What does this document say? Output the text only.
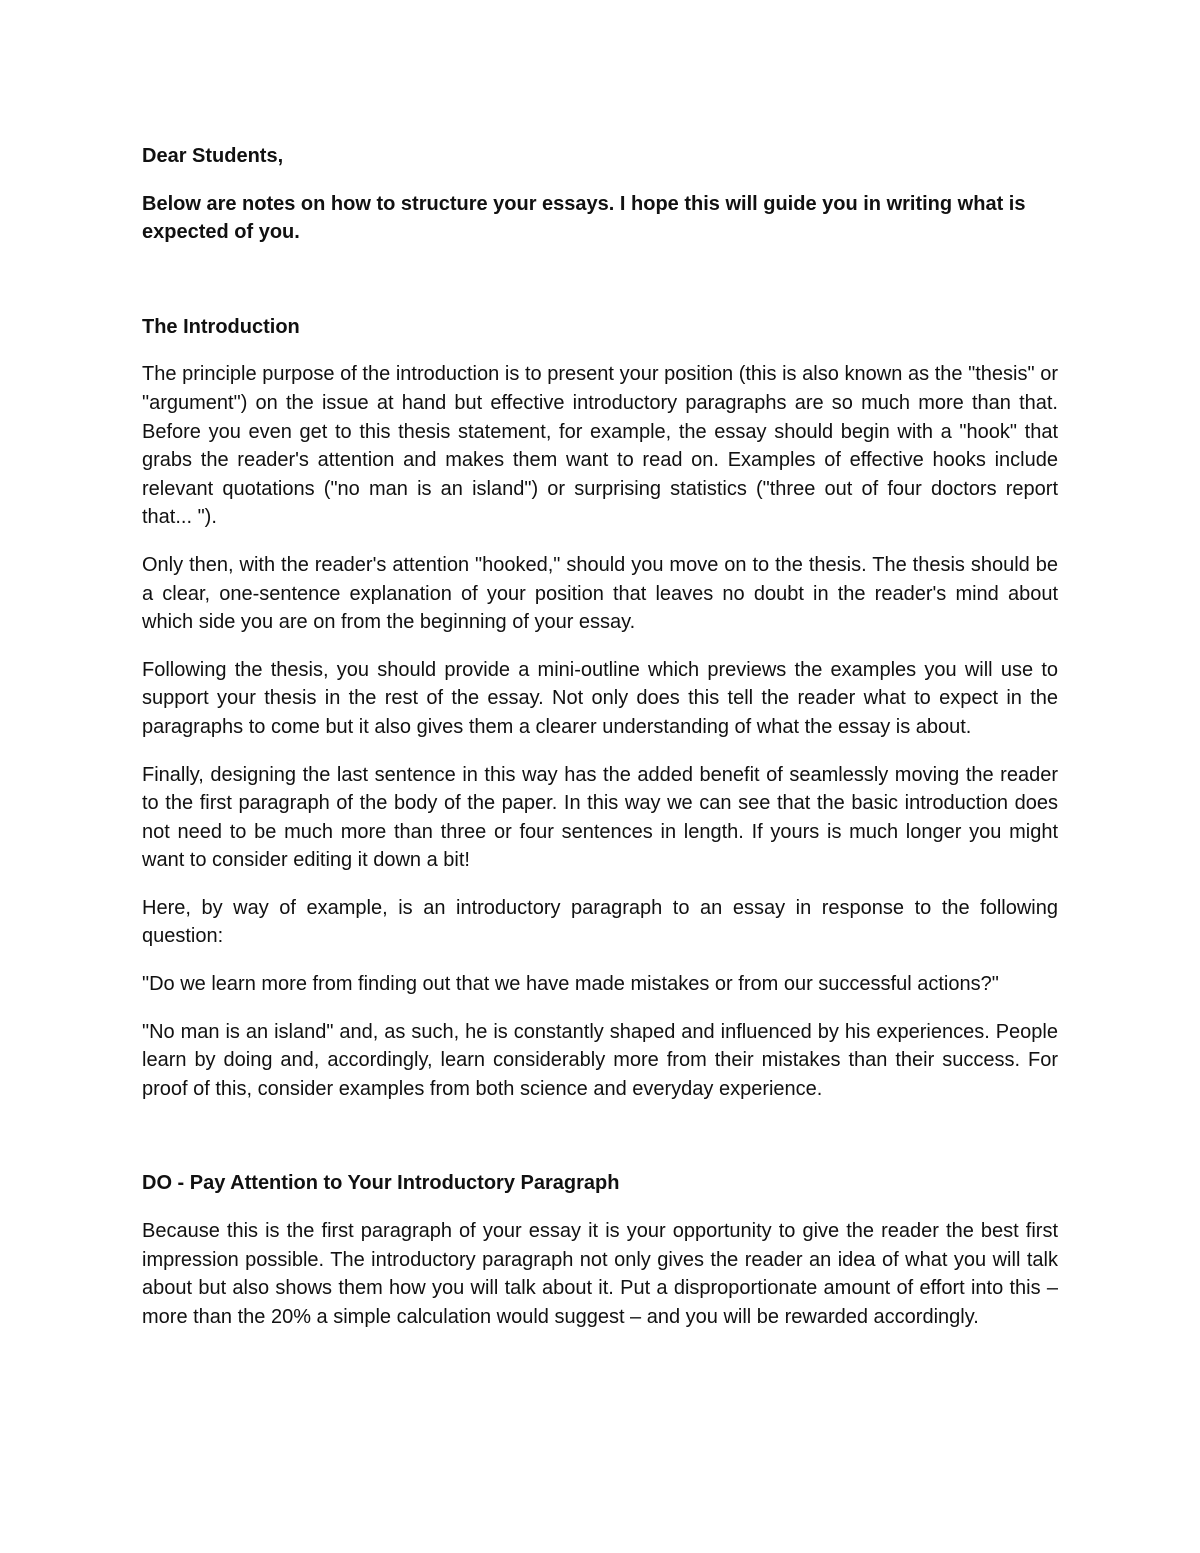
Dear Students,

Below are notes on how to structure your essays. I hope this will guide you in writing what is expected of you.

The Introduction

The principle purpose of the introduction is to present your position (this is also known as the "thesis" or "argument") on the issue at hand but effective introductory paragraphs are so much more than that. Before you even get to this thesis statement, for example, the essay should begin with a "hook" that grabs the reader's attention and makes them want to read on. Examples of effective hooks include relevant quotations ("no man is an island") or surprising statistics ("three out of four doctors report that... ").

Only then, with the reader's attention "hooked," should you move on to the thesis. The thesis should be a clear, one-sentence explanation of your position that leaves no doubt in the reader's mind about which side you are on from the beginning of your essay.

Following the thesis, you should provide a mini-outline which previews the examples you will use to support your thesis in the rest of the essay. Not only does this tell the reader what to expect in the paragraphs to come but it also gives them a clearer understanding of what the essay is about.

Finally, designing the last sentence in this way has the added benefit of seamlessly moving the reader to the first paragraph of the body of the paper. In this way we can see that the basic introduction does not need to be much more than three or four sentences in length. If yours is much longer you might want to consider editing it down a bit!

Here, by way of example, is an introductory paragraph to an essay in response to the following question:

"Do we learn more from finding out that we have made mistakes or from our successful actions?"

"No man is an island" and, as such, he is constantly shaped and influenced by his experiences. People learn by doing and, accordingly, learn considerably more from their mistakes than their success. For proof of this, consider examples from both science and everyday experience.

DO - Pay Attention to Your Introductory Paragraph

Because this is the first paragraph of your essay it is your opportunity to give the reader the best first impression possible. The introductory paragraph not only gives the reader an idea of what you will talk about but also shows them how you will talk about it. Put a disproportionate amount of effort into this – more than the 20% a simple calculation would suggest – and you will be rewarded accordingly.
